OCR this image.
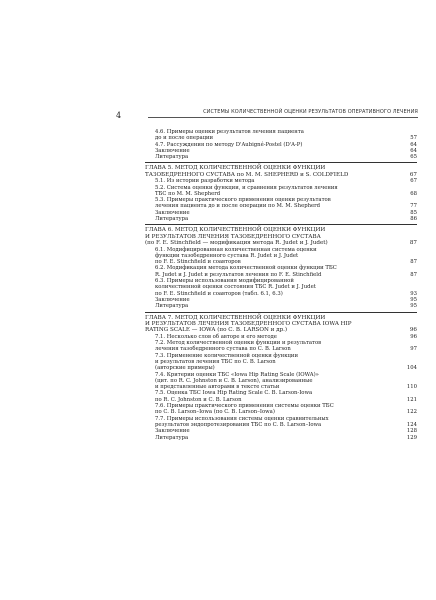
4	СИСТЕМЫ КОЛИЧЕСТВЕННОЙ ОЦЕНКИ РЕЗУЛЬТАТОВ ОПЕРАТИВНОГО ЛЕЧЕНИЯ
4.6. Примеры оценки результатов лечения пациента
до и после операции	57
4.7. Рассуждения по методу D'Aubigné-Postel (D'A-P)	64
Заключение	64
Литература	65
ГЛАВА 5. МЕТОД КОЛИЧЕСТВЕННОЙ ОЦЕНКИ ФУНКЦИИ
ТАЗОБЕДРЕННОГО СУСТАВА по M. M. SHEPHERD и S. COLDFIELD	67
5.1. Из истории разработки метода	67
5.2. Система оценки функции, и сравнения результатов лечения
ТБС по M. M. Shepherd	68
5.3. Примеры практического применения оценки результатов
лечения пациента до и после операции по M. M. Shepherd	77
Заключение	85
Литература	86
ГЛАВА 6. МЕТОД КОЛИЧЕСТВЕННОЙ ОЦЕНКИ ФУНКЦИИ
И РЕЗУЛЬТАТОВ ЛЕЧЕНИЯ ТАЗОБЕДРЕННОГО СУСТАВА
(по F. E. Stinchfield — модификация метода R. Judet и J. Judet)	87
6.1. Модифицированная количественная система оценки
функции тазобедренного сустава R. Judet и J. Judet
по F. E. Stinchfield и соавторов	87
6.2. Модификация метода количественной оценки функции ТБС
R. Judet и J. Judet и результатов лечения по F. E. Stinchfield	87
6.3. Примеры использования модифицированной
количественной оценки состояния ТБС R. Judet и J. Judet
по F. E. Stinchfield и соавторов (табл. 6.1, 6.3)	93
Заключение	95
Литература	95
ГЛАВА 7. МЕТОД КОЛИЧЕСТВЕННОЙ ОЦЕНКИ ФУНКЦИИ
И РЕЗУЛЬТАТОВ ЛЕЧЕНИЯ ТАЗОБЕДРЕННОГО СУСТАВА IOWA HIP
RATING SCALE — IOWA (по C. B. LARSON и др.)	96
7.1. Несколько слов об авторе и его методе	96
7.2. Метод количественной оценки функции и результатов
лечения тазобедренного сустава по C. B. Larson	97
7.3. Применение количественной оценки функции
и результатов лечения ТБС по C. B. Larson
(авторские примеры)	104
7.4. Критерии оценки ТБС «Iowa Hip Rating Scale (IOWA)»
(цит. по R. C. Johnston и C. B. Larson), анализированные
и представленные авторами в тексте статьи	110
7.5. Оценка ТБС Iowa Hip Rating Scale C. B. Larson-Iowa
по R. C. Johnston и C. B. Larson	121
7.6. Примеры практического применения системы оценки ТБС
по C. B. Larson–Iowa (по C. B. Larson–Iowa)	122
7.7. Примеры использования системы оценки сравнительных
результатов эндопротезирования ТБС по C. B. Larson–Iowa	124
Заключение	128
Литература	129
